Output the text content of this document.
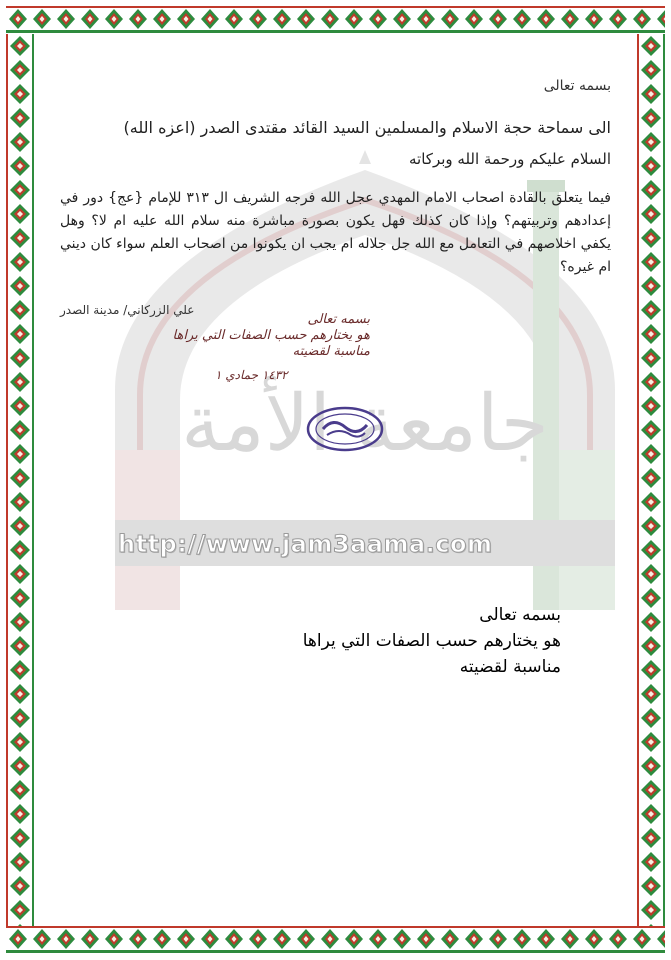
جامعة الأمة
بسمه تعالى
الى سماحة حجة الاسلام والمسلمين السيد القائد مقتدى الصدر (اعزه الله)
السلام عليكم ورحمة الله وبركاته
فيما يتعلق بالقادة اصحاب الامام المهدي عجل الله فرجه الشريف ال ٣١٣ للإمام {عج} دور في إعدادهم وتربيتهم؟ وإذا كان كذلك فهل يكون بصورة مباشرة منه سلام الله عليه ام لا؟ وهل يكفي اخلاصهم في التعامل مع الله جل جلاله ام يجب ان يكونوا من اصحاب العلم سواء كان ديني ام غيره؟
علي الزركاني/ مدينة الصدر
بسمه تعالى
هو يختارهم حسب الصفات التي يراها
مناسبة لقضيته
١٤٣٢ جمادي ١
http://www.jam3aama.com
بسمه تعالى
هو يختارهم حسب الصفات التي يراها
مناسبة لقضيته
